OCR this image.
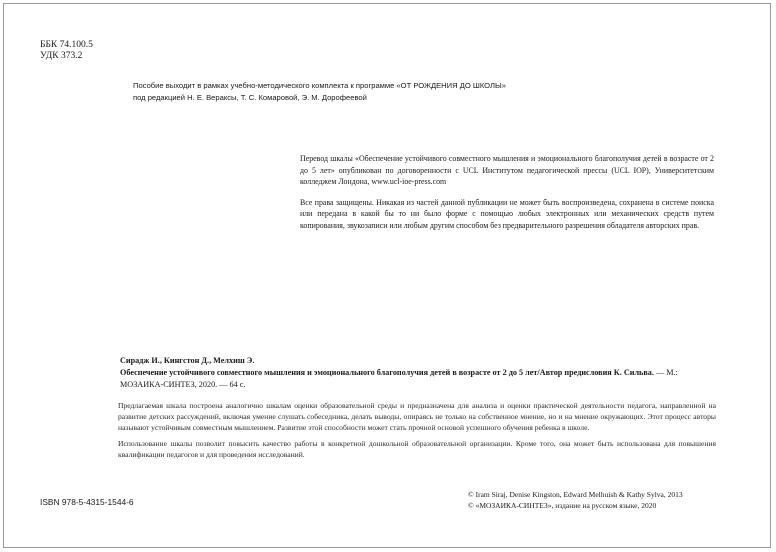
ББК 74.100.5
УДК 373.2
Пособие выходит в рамках учебно-методического комплекта к программе «ОТ РОЖДЕНИЯ ДО ШКОЛЫ»
под редакцией Н. Е. Вераксы, Т. С. Комаровой, Э. М. Дорофеевой

Перевод шкалы «Обеспечение устойчивого совместного мышления и эмоционального благополучия детей в возрасте от 2 до 5 лет» опубликован по договоренности с UCL Институтом педагогической прессы (UCL IOP), Университетским колледжем Лондона, www.ucl-ioe-press.com

Все права защищены. Никакая из частей данной публикации не может быть воспроизведена, сохранена в системе поиска или передана в какой бы то ни было форме с помощью любых электронных или механических средств путем копирования, звукозаписи или любым другим способом без предварительного разрешения обладателя авторских прав.

Сирадж И., Кингстон Д., Мелхиш Э.
Обеспечение устойчивого совместного мышления и эмоционального благополучия детей в возрасте от 2 до 5 лет/Автор предисловия К. Сильва. — М.: МОЗАИКА-СИНТЕЗ, 2020. — 64 с.

Предлагаемая шкала построена аналогично шкалам оценки образовательной среды и предназначена для анализа и оценки практической деятельности педагога, направленной на развитие детских рассуждений, включая умение слушать собеседника, делать выводы, опираясь не только на собственное мнение, но и на мнение окружающих. Этот процесс авторы называют устойчивым совместным мышлением. Развитие этой способности может стать прочной основой успешного обучения ребенка в школе.

Использование шкалы позволит повысить качество работы в конкретной дошкольной образовательной организации. Кроме того, она может быть использована для повышения квалификации педагогов и для проведения исследований.

ISBN 978-5-4315-1544-6
© Iram Siraj, Denise Kingston, Edward Melhuish & Kathy Sylva, 2013
© «МОЗАИКА-СИНТЕЗ», издание на русском языке, 2020
